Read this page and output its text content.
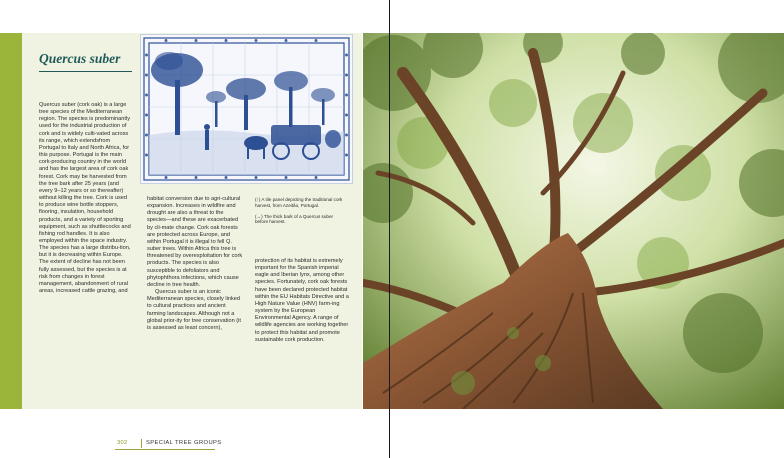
Quercus suber

Quercus suber (cork oak) is a large tree species of the Mediterranean region. The species is predominantly used for the industrial production of cork and is widely culti-vated across its range, which extendsfrom Portugal to Italy and North Africa, for this purpose. Portugal is the main cork-producing country in the world and has the largest area of cork oak forest. Cork may be harvested from the tree bark after 25 years (and every 9–12 years or so thereafter) without killing the tree. Cork is used to produce wine bottle stoppers, flooring, insulation, household products, and a variety of sporting equipment, such as shuttlecocks and fishing rod handles. It is also employed within the space industry. The species has a large distribu-tion, but it is decreasing within Europe. The extent of decline has not been fully assessed, but the species is at risk from changes in forest management, abandonment of rural areas, increased cattle grazing, and

habitat conversion due to agri-cultural expansion. Increases in wildfire and drought are also a threat to the species—and these are exacerbated by cli-mate change. Cork oak forests are protected across Europe, and within Portugal it is illegal to fell Q. suber trees. Within Africa this tree is threatened by overexploitation for cork products. The species is also susceptible to defoliators and phytophthora infections, which cause decline in tree health.

Quercus suber is an iconic Mediterranean species, closely linked to cultural practices and ancient farming landscapes. Although not a global prior-ity for tree conservation (it is assessed as least concern),

(↑) A tile panel depicting the traditional cork harvest, from Azeitão, Portugal.

(→) The thick bark of a Quercus suber before harvest.

protection of its habitat is extremely important for the Spanish imperial eagle and Iberian lynx, among other species. Fortunately, cork oak forests have been declared protected habitat within the EU Habitats Directive and a High Nature Value (HNV) farm-ing system by the European Environmental Agency. A range of wildlife agencies are working together to protect this habitat and promote sustainable cork production.

302	SPECIAL TREE GROUPS
